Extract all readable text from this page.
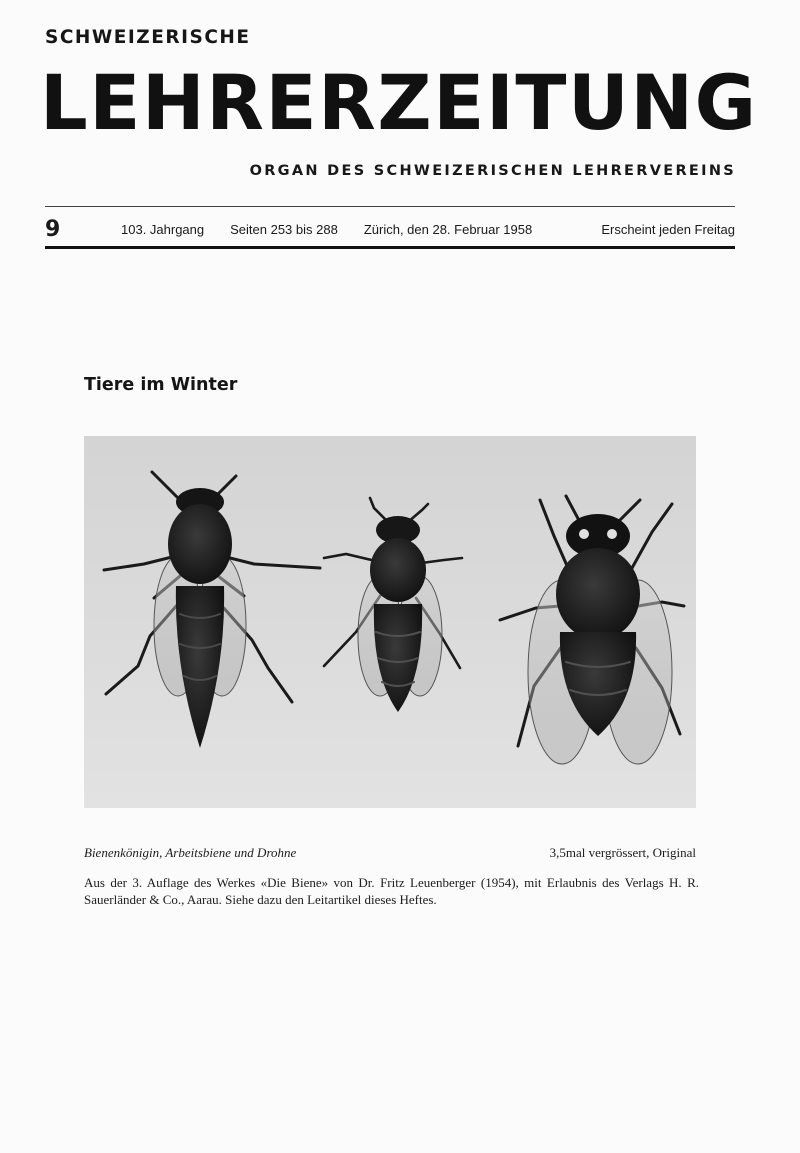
SCHWEIZERISCHE
LEHRERZEITUNG
ORGAN DES SCHWEIZERISCHEN LEHRERVEREINS
9	103. Jahrgang Seiten 253 bis 288 Zürich, den 28. Februar 1958	Erscheint jeden Freitag
Tiere im Winter
Bienenkönigin, Arbeitsbiene und Drohne	3,5mal vergrössert, Original
Aus der 3. Auflage des Werkes «Die Biene» von Dr. Fritz Leuenberger (1954), mit Erlaubnis des Verlags H. R. Sauerländer & Co., Aarau. Siehe dazu den Leitartikel dieses Heftes.
